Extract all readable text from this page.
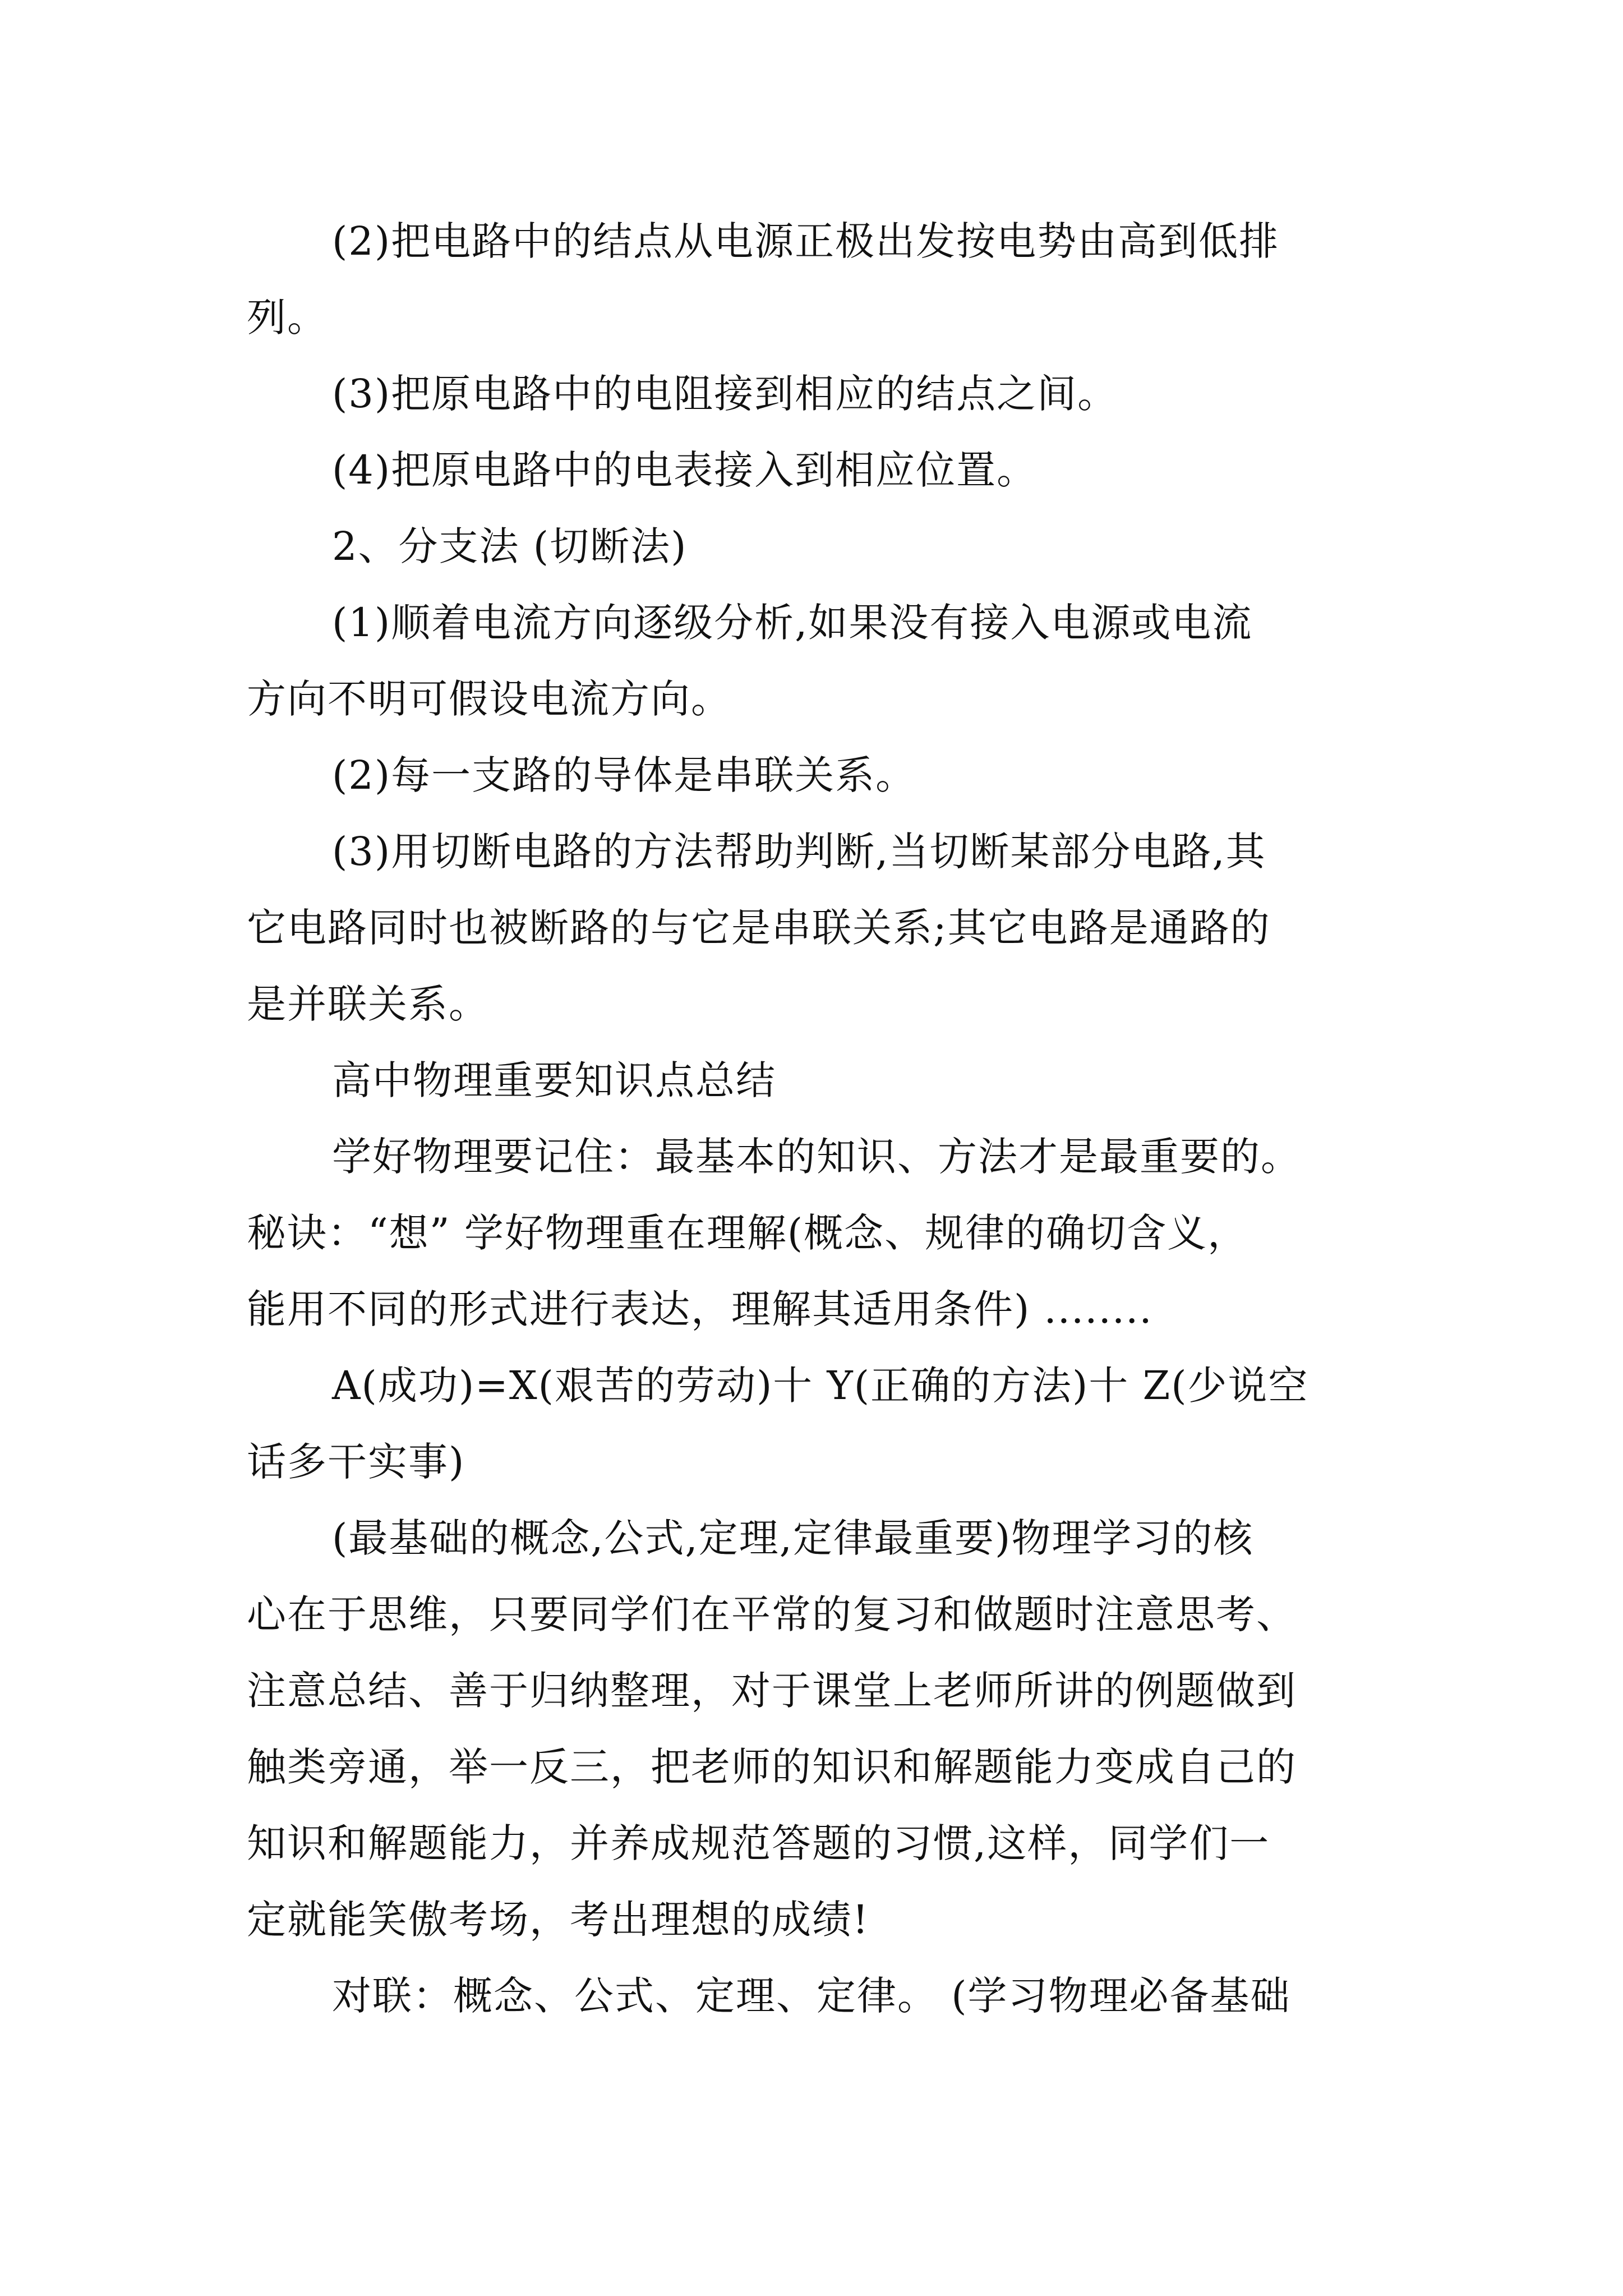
(2)把电路中的结点从电源正极出发按电势由高到低排
列。
(3)把原电路中的电阻接到相应的结点之间。
(4)把原电路中的电表接入到相应位置。
2、分支法 (切断法)
(1)顺着电流方向逐级分析,如果没有接入电源或电流
方向不明可假设电流方向。
(2)每一支路的导体是串联关系。
(3)用切断电路的方法帮助判断,当切断某部分电路,其
它电路同时也被断路的与它是串联关系;其它电路是通路的
是并联关系。
高中物理重要知识点总结
学好物理要记住：最基本的知识、方法才是最重要的。
秘诀：“想” 学好物理重在理解(概念、规律的确切含义，
能用不同的形式进行表达，理解其适用条件) ........
A(成功)=X(艰苦的劳动)十 Y(正确的方法)十 Z(少说空
话多干实事)
(最基础的概念,公式,定理,定律最重要)物理学习的核
心在于思维，只要同学们在平常的复习和做题时注意思考、
注意总结、善于归纳整理，对于课堂上老师所讲的例题做到
触类旁通，举一反三，把老师的知识和解题能力变成自己的
知识和解题能力，并养成规范答题的习惯,这样，同学们一
定就能笑傲考场，考出理想的成绩!
对联：概念、公式、定理、定律。 (学习物理必备基础
